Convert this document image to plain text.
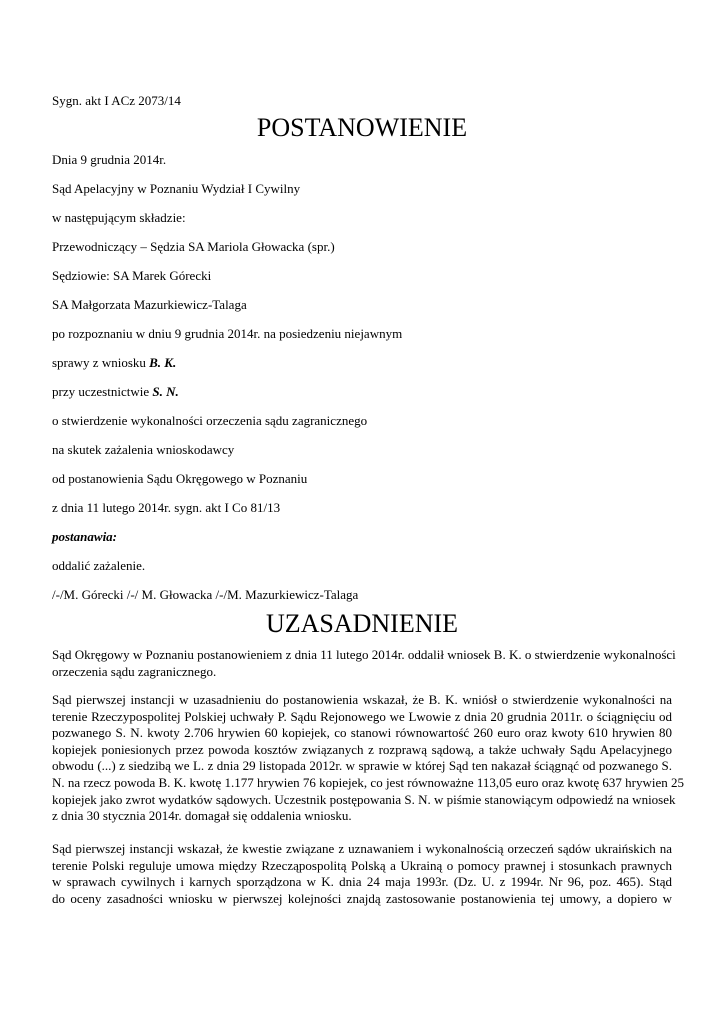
Sygn. akt I ACz 2073/14
POSTANOWIENIE
Dnia 9 grudnia 2014r.
Sąd Apelacyjny w Poznaniu Wydział I Cywilny
w następującym składzie:
Przewodniczący – Sędzia SA Mariola Głowacka (spr.)
Sędziowie: SA Marek Górecki
SA Małgorzata Mazurkiewicz-Talaga
po rozpoznaniu w dniu 9 grudnia 2014r. na posiedzeniu niejawnym
sprawy z wniosku B. K.
przy uczestnictwie S. N.
o stwierdzenie wykonalności orzeczenia sądu zagranicznego
na skutek zażalenia wnioskodawcy
od postanowienia Sądu Okręgowego w Poznaniu
z dnia 11 lutego 2014r. sygn. akt I Co 81/13
postanawia:
oddalić zażalenie.
/-/M. Górecki /-/ M. Głowacka /-/M. Mazurkiewicz-Talaga
UZASADNIENIE
Sąd Okręgowy w Poznaniu postanowieniem z dnia 11 lutego 2014r. oddalił wniosek B. K. o stwierdzenie wykonalności
orzeczenia sądu zagranicznego.
Sąd pierwszej instancji w uzasadnieniu do postanowienia wskazał, że B. K. wniósł o stwierdzenie wykonalności na
terenie Rzeczypospolitej Polskiej uchwały P. Sądu Rejonowego we Lwowie z dnia 20 grudnia 2011r. o ściągnięciu od
pozwanego S. N. kwoty 2.706 hrywien 60 kopiejek, co stanowi równowartość 260 euro oraz kwoty 610 hrywien 80
kopiejek poniesionych przez powoda kosztów związanych z rozprawą sądową, a także uchwały Sądu Apelacyjnego
obwodu (...) z siedzibą we L. z dnia 29 listopada 2012r. w sprawie w której Sąd ten nakazał ściągnąć od pozwanego S.
N. na rzecz powoda B. K. kwotę 1.177 hrywien 76 kopiejek, co jest równoważne 113,05 euro oraz kwotę 637 hrywien 25
kopiejek jako zwrot wydatków sądowych. Uczestnik postępowania S. N. w piśmie stanowiącym odpowiedź na wniosek
z dnia 30 stycznia 2014r. domagał się oddalenia wniosku.
Sąd pierwszej instancji wskazał, że kwestie związane z uznawaniem i wykonalnością orzeczeń sądów ukraińskich na
terenie Polski reguluje umowa między Rzecząpospolitą Polską a Ukrainą o pomocy prawnej i stosunkach prawnych
w sprawach cywilnych i karnych sporządzona w K. dnia 24 maja 1993r. (Dz. U. z 1994r. Nr 96, poz. 465). Stąd
do oceny zasadności wniosku w pierwszej kolejności znajdą zastosowanie postanowienia tej umowy, a dopiero w
